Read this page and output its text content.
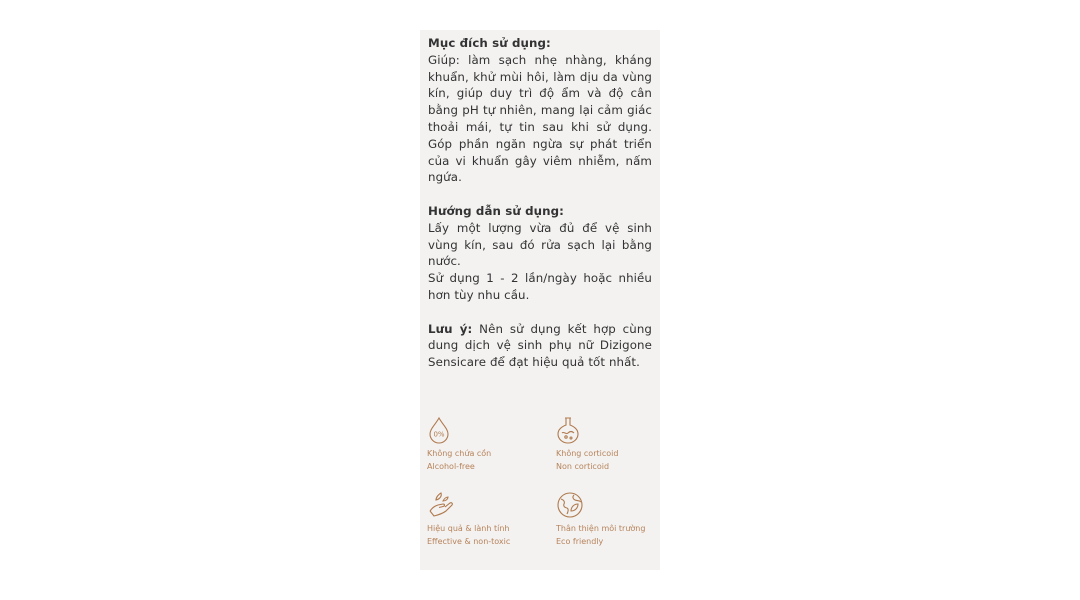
Mục đích sử dụng:

Giúp: làm sạch nhẹ nhàng, kháng khuẩn, khử mùi hôi, làm dịu da vùng kín, giúp duy trì độ ẩm và độ cân bằng pH tự nhiên, mang lại cảm giác thoải mái, tự tin sau khi sử dụng. Góp phần ngăn ngừa sự phát triển của vi khuẩn gây viêm nhiễm, nấm ngứa.

Hướng dẫn sử dụng:

Lấy một lượng vừa đủ để vệ sinh vùng kín, sau đó rửa sạch lại bằng nước.

Sử dụng 1 - 2 lần/ngày hoặc nhiều hơn tùy nhu cầu.

Lưu ý: Nên sử dụng kết hợp cùng dung dịch vệ sinh phụ nữ Dizigone Sensicare để đạt hiệu quả tốt nhất.

0%
Không chứa cồn
Alcohol-free
Không corticoid
Non corticoid
Hiệu quả & lành tính
Effective & non-toxic
Thân thiện môi trường
Eco friendly
